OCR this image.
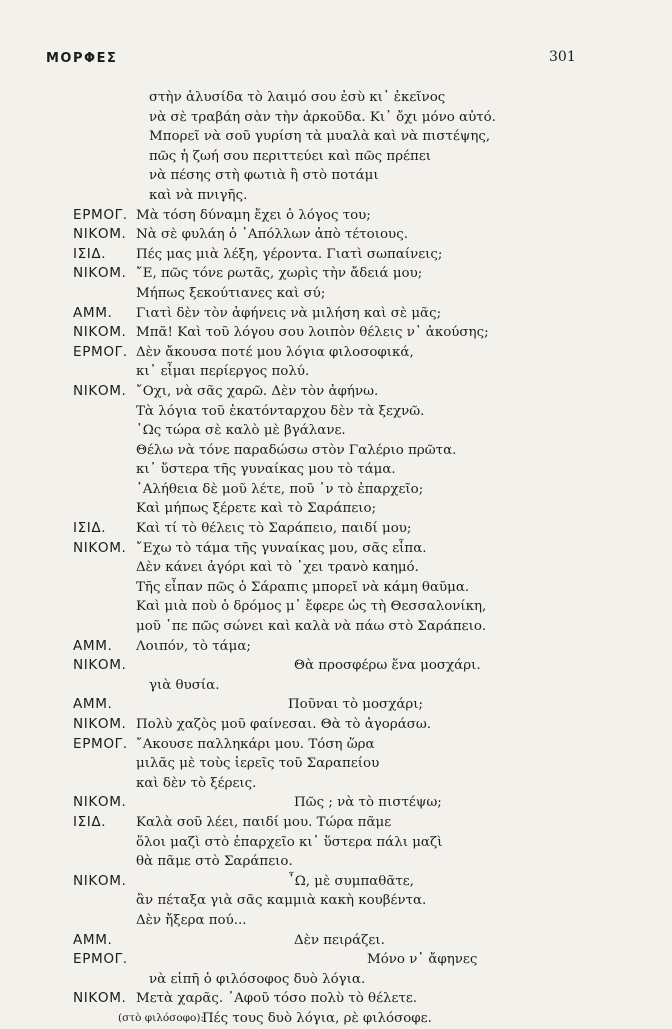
ΜΟΡΦΕΣ	301
στὴν ἁλυσίδα τὸ λαιμό σου ἐσὺ κι᾿ ἐκεῖνος
νὰ σὲ τραβάη σὰν τὴν ἀρκοῦδα. Κι᾿ ὄχι μόνο αὐτό.
Μπορεῖ νὰ σοῦ γυρίση τὰ μυαλὰ καὶ νὰ πιστέψης,
πῶς ἡ ζωή σου περιττεύει καὶ πῶς πρέπει
νὰ πέσης στὴ φωτιὰ ἢ στὸ ποτάμι
καὶ νὰ πνιγῆς.
ΕΡΜΟΓ. Μὰ τόση δύναμη ἔχει ὁ λόγος του;
ΝΙΚΟΜ. Νὰ σὲ φυλάη ὁ ᾿Απόλλων ἀπὸ τέτοιους.
ΙΣΙΔ. Πές μας μιὰ λέξη, γέροντα. Γιατὶ σωπαίνεις;
ΝΙΚΟΜ. ῎Ε, πῶς τόνε ρωτᾶς, χωρὶς τὴν ἄδειά μου;
Μήπως ξεκούτιανες καὶ σύ;
ΑΜΜ. Γιατὶ δὲν τὸν ἀφήνεις νὰ μιλήση καὶ σὲ μᾶς;
ΝΙΚΟΜ. Μπᾶ! Καὶ τοῦ λόγου σου λοιπὸν θέλεις ν᾿ ἀκούσης;
ΕΡΜΟΓ. Δὲν ἄκουσα ποτέ μου λόγια φιλοσοφικά,
κι᾿ εἶμαι περίεργος πολύ.
ΝΙΚΟΜ. ῎Οχι, νὰ σᾶς χαρῶ. Δὲν τὸν ἀφήνω.
Τὰ λόγια τοῦ ἑκατόνταρχου δὲν τὰ ξεχνῶ.
῾Ως τώρα σὲ καλὸ μὲ βγάλανε.
Θέλω νὰ τόνε παραδώσω στὸν Γαλέριο πρῶτα.
κι᾿ ὕστερα τῆς γυναίκας μου τὸ τάμα.
᾿Αλήθεια δὲ μοῦ λέτε, ποῦ ᾿ν τὸ ἐπαρχεῖο;
Καὶ μήπως ξέρετε καὶ τὸ Σαράπειο;
ΙΣΙΔ. Καὶ τί τὸ θέλεις τὸ Σαράπειο, παιδί μου;
ΝΙΚΟΜ. ῎Εχω τὸ τάμα τῆς γυναίκας μου, σᾶς εἶπα.
Δὲν κάνει ἀγόρι καὶ τὸ ᾿χει τρανὸ καημό.
Τῆς εἶπαν πῶς ὁ Σάραπις μπορεῖ νὰ κάμη θαῦμα.
Καὶ μιὰ ποὺ ὁ δρόμος μ᾿ ἔφερε ὡς τὴ Θεσσαλονίκη,
μοῦ ᾿πε πῶς σώνει καὶ καλὰ νὰ πάω στὸ Σαράπειο.
ΑΜΜ. Λοιπόν, τὸ τάμα;
ΝΙΚΟΜ.	Θὰ προσφέρω ἕνα μοσχάρι.
γιὰ θυσία.
ΑΜΜ.	Ποῦναι τὸ μοσχάρι;
ΝΙΚΟΜ. Πολὺ χαζὸς μοῦ φαίνεσαι. Θὰ τὸ ἀγοράσω.
ΕΡΜΟΓ. ῎Ακουσε παλληκάρι μου. Τόση ὥρα
μιλᾶς μὲ τοὺς ἱερεῖς τοῦ Σαραπείου
καὶ δὲν τὸ ξέρεις.
ΝΙΚΟΜ.	Πῶς ; νὰ τὸ πιστέψω;
ΙΣΙΔ. Καλὰ σοῦ λέει, παιδί μου. Τώρα πᾶμε
ὅλοι μαζὶ στὸ ἐπαρχεῖο κι᾿ ὕστερα πάλι μαζὶ
θὰ πᾶμε στὸ Σαράπειο.
ΝΙΚΟΜ.	῏Ω, μὲ συμπαθᾶτε,
ἂν πέταξα γιὰ σᾶς καμμιὰ κακὴ κουβέντα.
Δὲν ἤξερα πού...
ΑΜΜ.	Δὲν πειράζει.
ΕΡΜΟΓ.	Μόνο ν᾿ ἄφηνες
νὰ εἰπῆ ὁ φιλόσοφος δυὸ λόγια.
ΝΙΚΟΜ. Μετὰ χαρᾶς. ᾿Αφοῦ τόσο πολὺ τὸ θέλετε.
(στὸ φιλόσοφο):
Πές τους δυὸ λόγια, ρὲ φιλόσοφε.
